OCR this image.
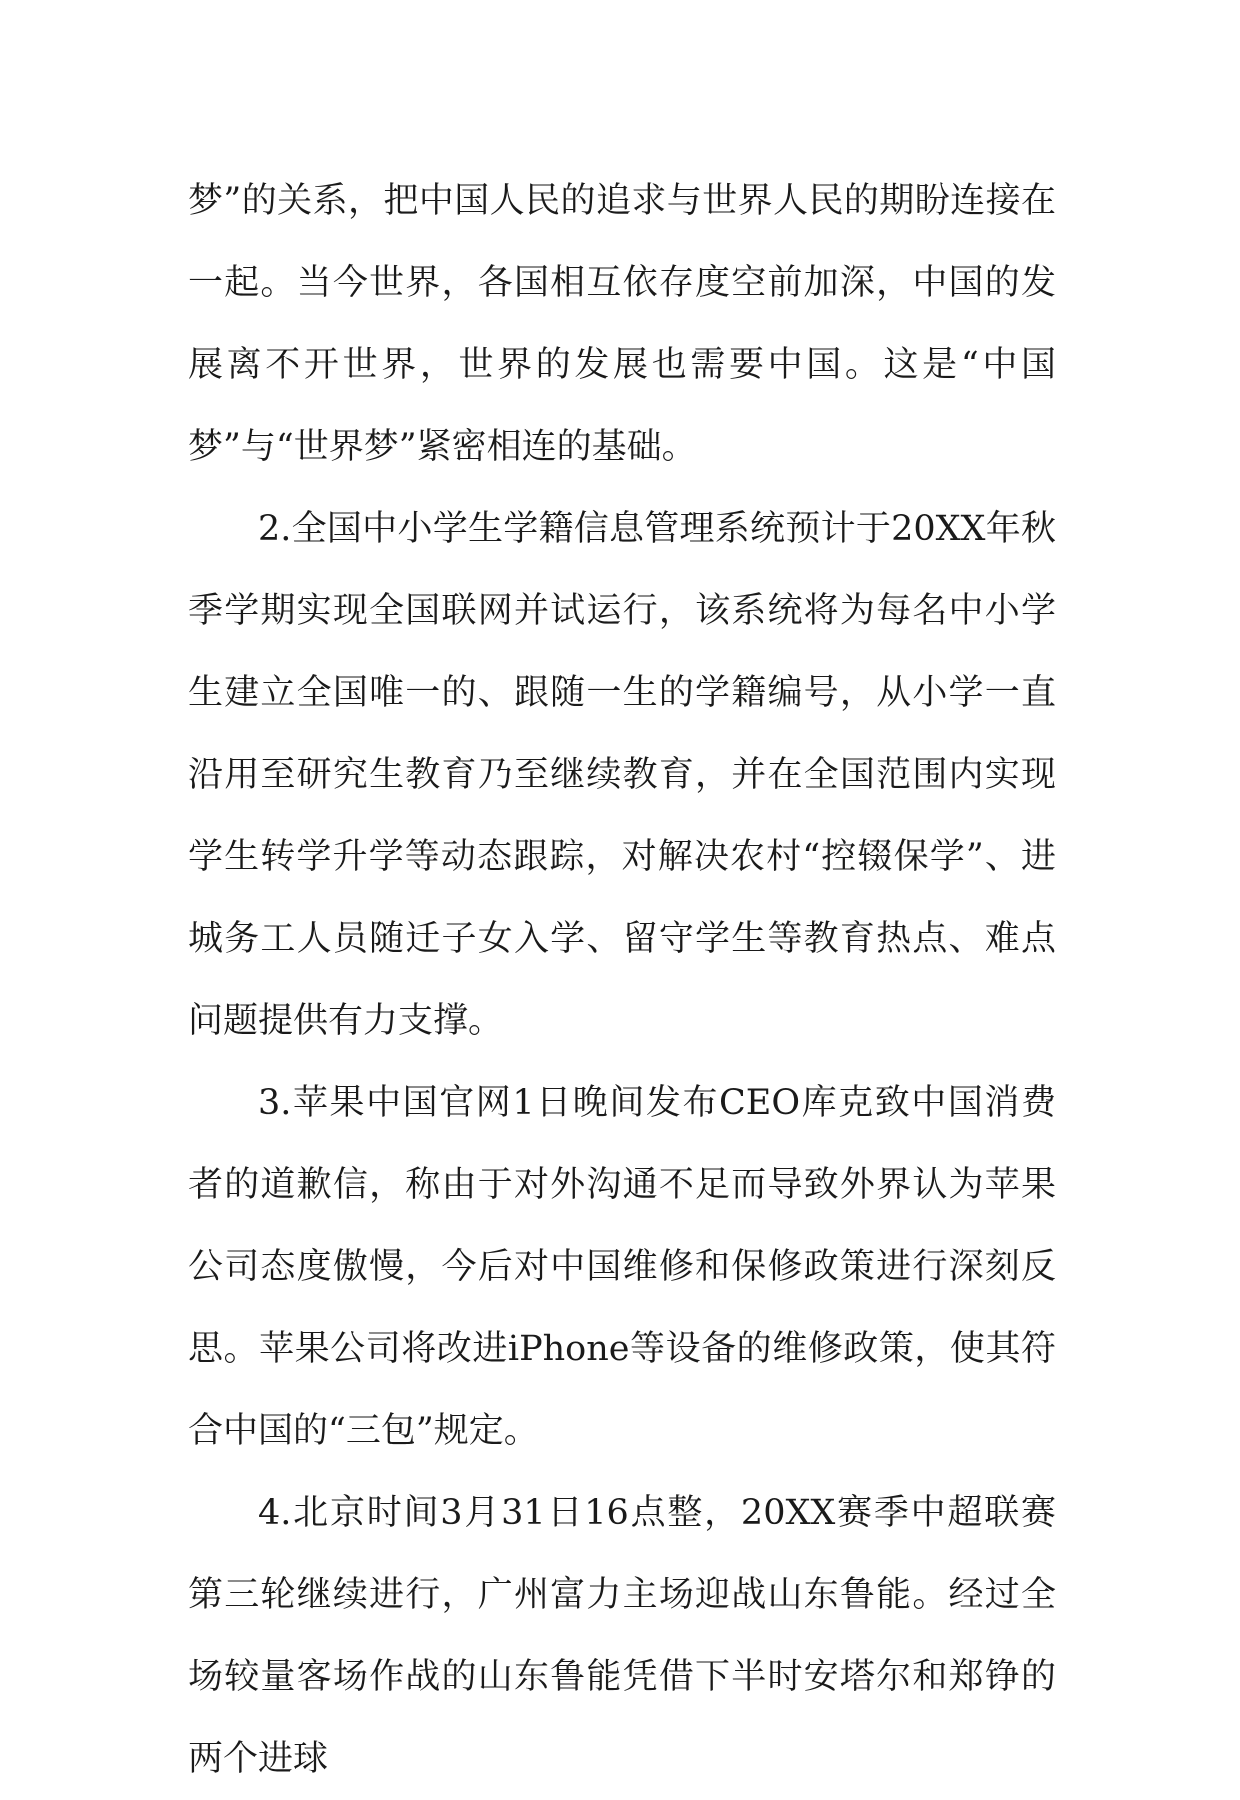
梦”的关系，把中国人民的追求与世界人民的期盼连接在一起。当今世界，各国相互依存度空前加深，中国的发展离不开世界，世界的发展也需要中国。这是“中国梦”与“世界梦”紧密相连的基础。

2.全国中小学生学籍信息管理系统预计于20XX年秋季学期实现全国联网并试运行，该系统将为每名中小学生建立全国唯一的、跟随一生的学籍编号，从小学一直沿用至研究生教育乃至继续教育，并在全国范围内实现学生转学升学等动态跟踪，对解决农村“控辍保学”、进城务工人员随迁子女入学、留守学生等教育热点、难点问题提供有力支撑。

3.苹果中国官网1日晚间发布CEO库克致中国消费者的道歉信，称由于对外沟通不足而导致外界认为苹果公司态度傲慢，今后对中国维修和保修政策进行深刻反思。苹果公司将改进iPhone等设备的维修政策，使其符合中国的“三包”规定。

4.北京时间3月31日16点整，20XX赛季中超联赛第三轮继续进行，广州富力主场迎战山东鲁能。经过全场较量客场作战的山东鲁能凭借下半时安塔尔和郑铮的两个进球
